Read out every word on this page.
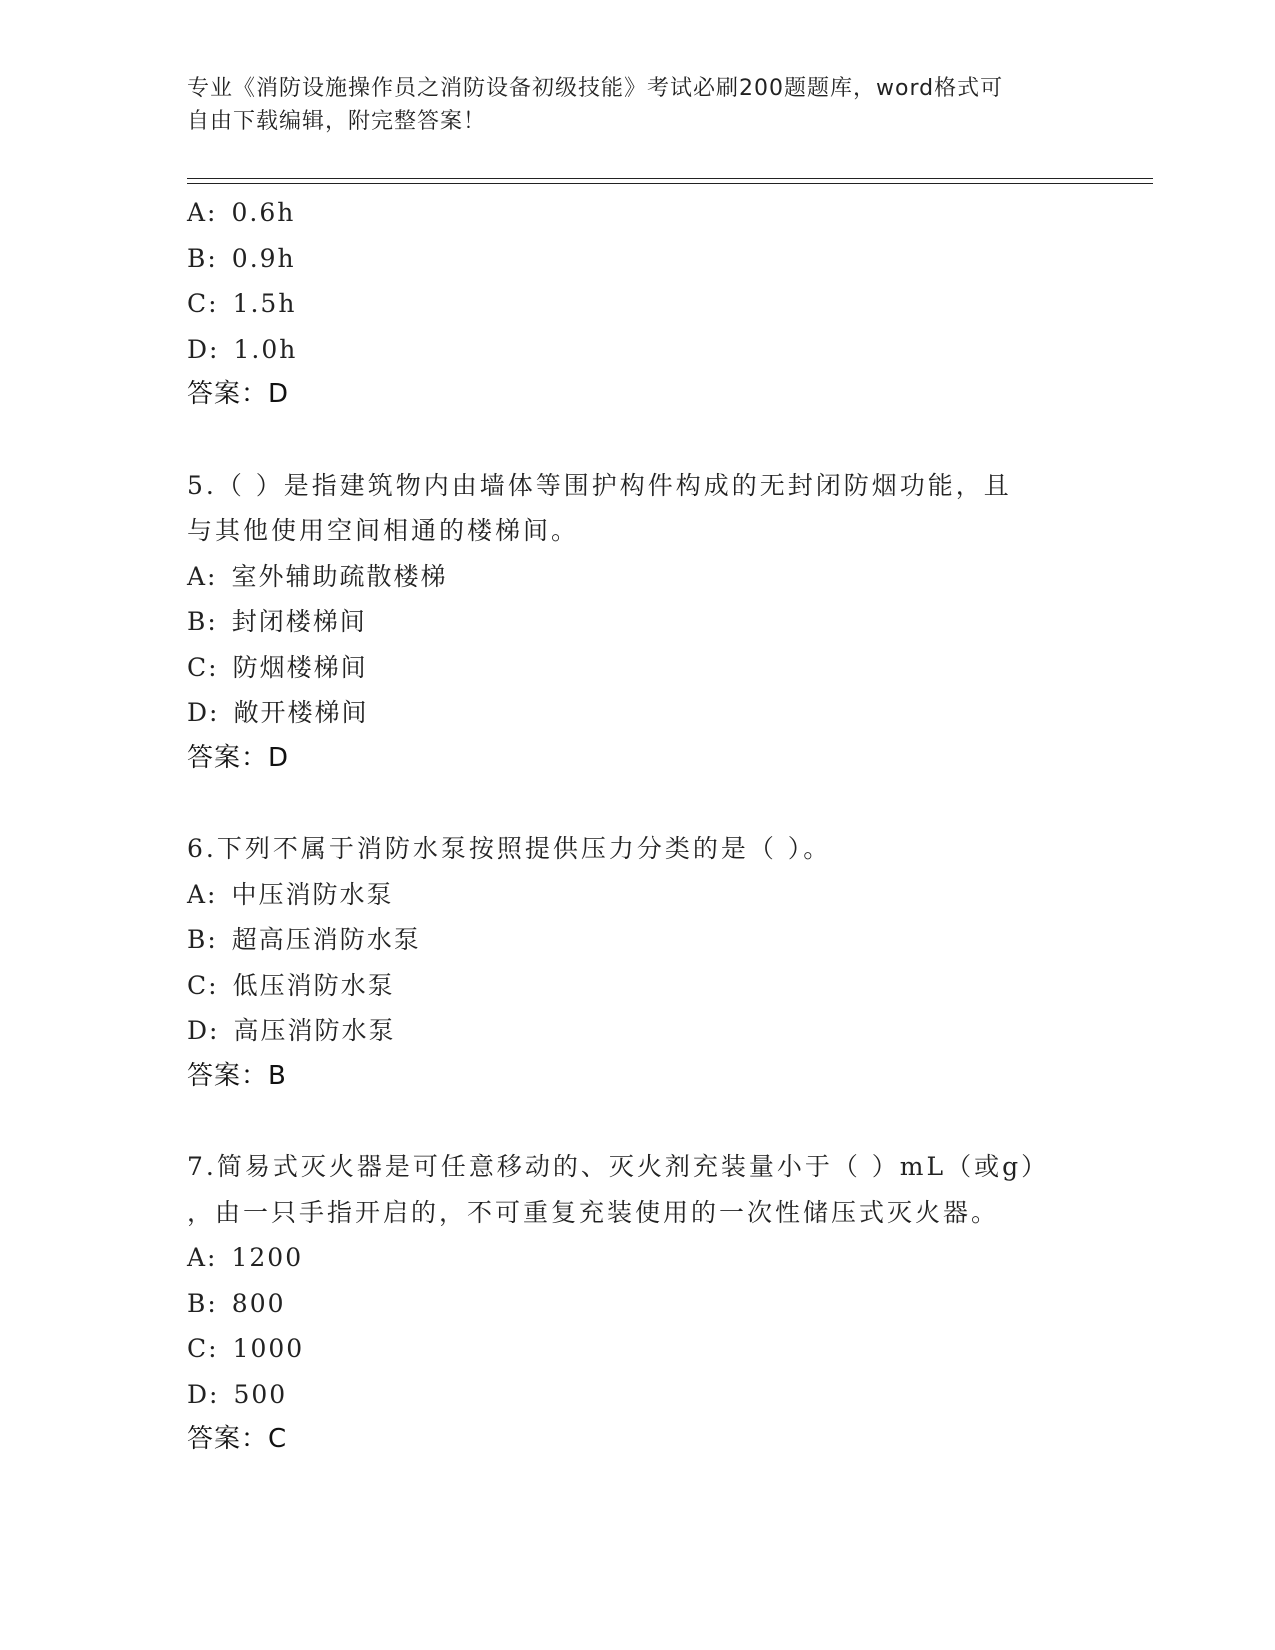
专业《消防设施操作员之消防设备初级技能》考试必刷200题题库，word格式可
自由下载编辑，附完整答案！
A: 0.6h
B: 0.9h
C: 1.5h
D: 1.0h
答案：D
5.（ ）是指建筑物内由墙体等围护构件构成的无封闭防烟功能，且
与其他使用空间相通的楼梯间。
A: 室外辅助疏散楼梯
B: 封闭楼梯间
C: 防烟楼梯间
D: 敞开楼梯间
答案：D
6.下列不属于消防水泵按照提供压力分类的是（ ）。
A: 中压消防水泵
B: 超高压消防水泵
C: 低压消防水泵
D: 高压消防水泵
答案：B
7.简易式灭火器是可任意移动的、灭火剂充装量小于（ ）mL（或g）
，由一只手指开启的，不可重复充装使用的一次性储压式灭火器。
A: 1200
B: 800
C: 1000
D: 500
答案：C
